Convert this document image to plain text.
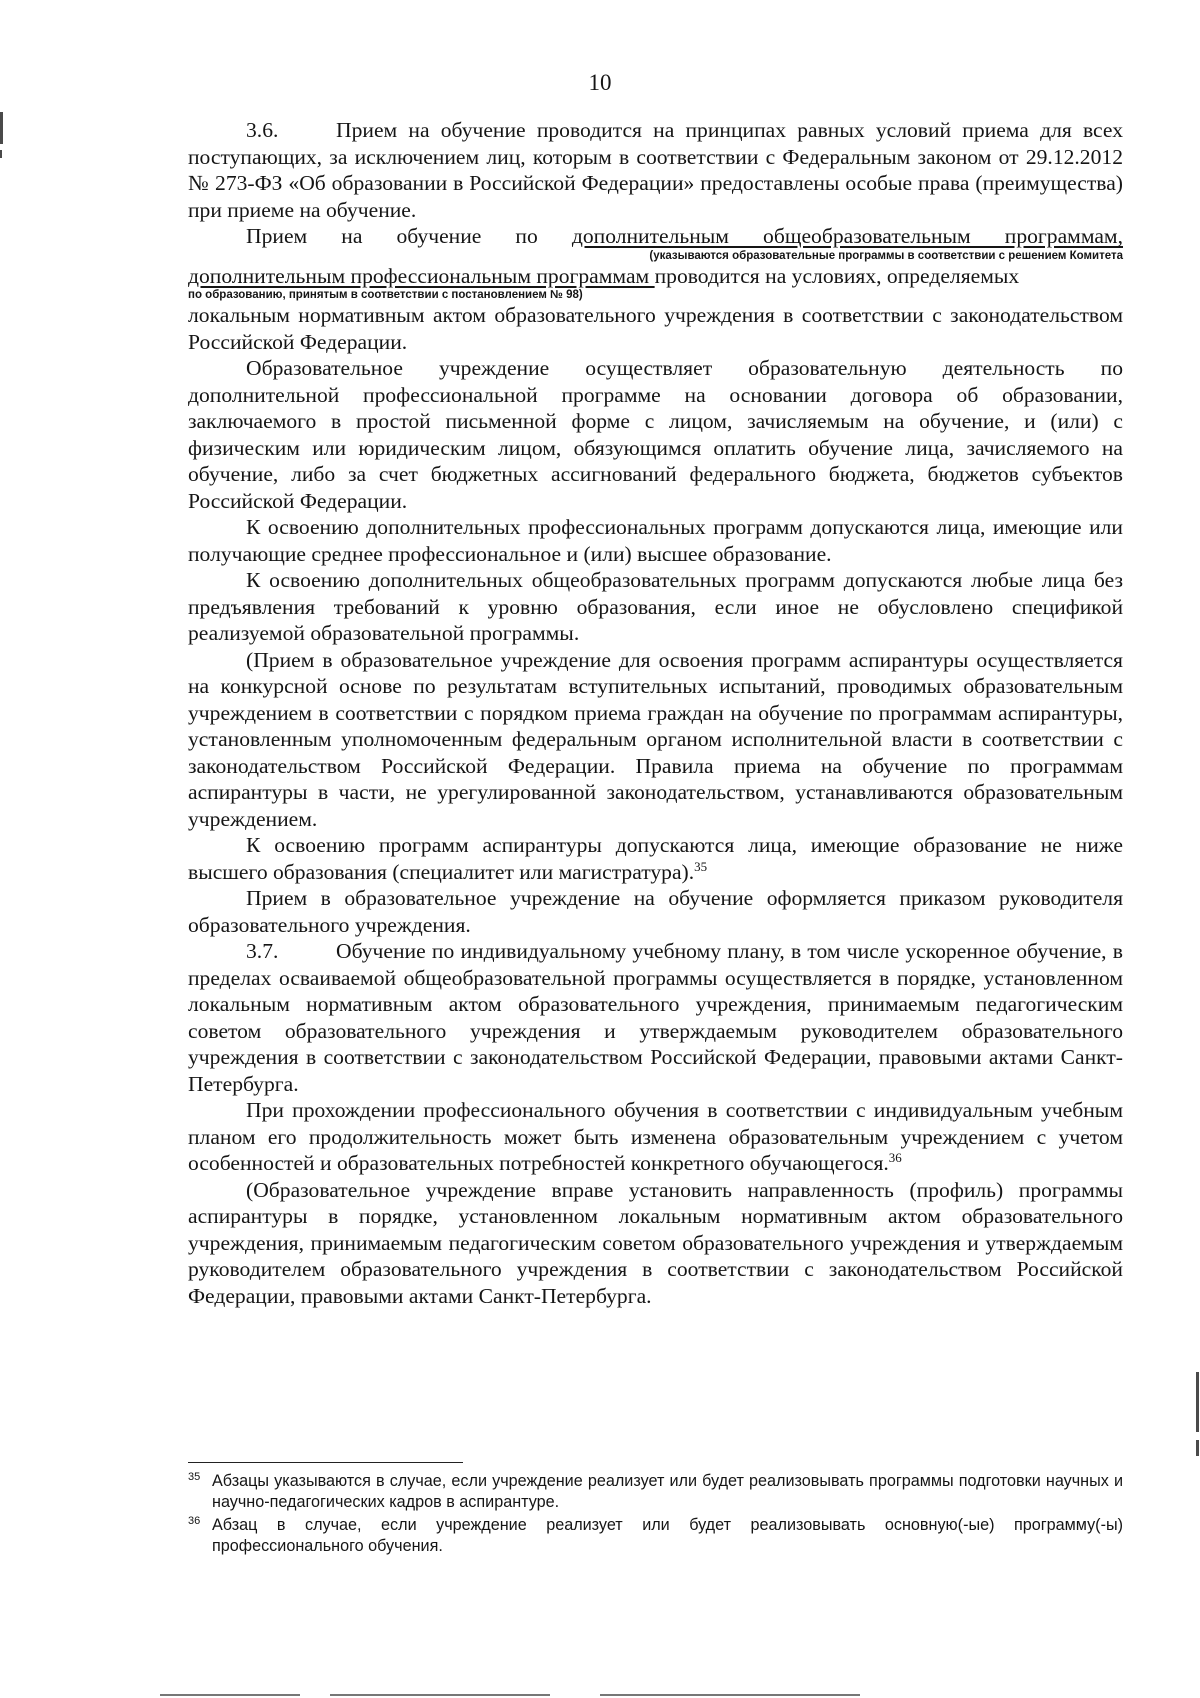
10

3.6.	Прием на обучение проводится на принципах равных условий приема для всех поступающих, за исключением лиц, которым в соответствии с Федеральным законом от 29.12.2012 № 273-ФЗ «Об образовании в Российской Федерации» предоставлены особые права (преимущества) при приеме на обучение.

Прием на обучение по дополнительным общеобразовательным программам,

(указываются образовательные программы в соответствии с решением Комитета

дополнительным профессиональным программам проводится на условиях, определяемых

по образованию, принятым в соответствии с постановлением № 98)

локальным нормативным актом образовательного учреждения в соответствии с законодательством Российской Федерации.

Образовательное учреждение осуществляет образовательную деятельность по дополнительной профессиональной программе на основании договора об образовании, заключаемого в простой письменной форме с лицом, зачисляемым на обучение, и (или) с физическим или юридическим лицом, обязующимся оплатить обучение лица, зачисляемого на обучение, либо за счет бюджетных ассигнований федерального бюджета, бюджетов субъектов Российской Федерации.

К освоению дополнительных профессиональных программ допускаются лица, имеющие или получающие среднее профессиональное и (или) высшее образование.

К освоению дополнительных общеобразовательных программ допускаются любые лица без предъявления требований к уровню образования, если иное не обусловлено спецификой реализуемой образовательной программы.

(Прием в образовательное учреждение для освоения программ аспирантуры осуществляется на конкурсной основе по результатам вступительных испытаний, проводимых образовательным учреждением в соответствии с порядком приема граждан на обучение по программам аспирантуры, установленным уполномоченным федеральным органом исполнительной власти в соответствии с законодательством Российской Федерации. Правила приема на обучение по программам аспирантуры в части, не урегулированной законодательством, устанавливаются образовательным учреждением.

К освоению программ аспирантуры допускаются лица, имеющие образование не ниже высшего образования (специалитет или магистратура).$^{35}$

Прием в образовательное учреждение на обучение оформляется приказом руководителя образовательного учреждения.

3.7.	Обучение по индивидуальному учебному плану, в том числе ускоренное обучение, в пределах осваиваемой общеобразовательной программы осуществляется в порядке, установленном локальным нормативным актом образовательного учреждения, принимаемым педагогическим советом образовательного учреждения и утверждаемым руководителем образовательного учреждения в соответствии с законодательством Российской Федерации, правовыми актами Санкт-Петербурга.

При прохождении профессионального обучения в соответствии с индивидуальным учебным планом его продолжительность может быть изменена образовательным учреждением с учетом особенностей и образовательных потребностей конкретного обучающегося.$^{36}$

(Образовательное учреждение вправе установить направленность (профиль) программы аспирантуры в порядке, установленном локальным нормативным актом образовательного учреждения, принимаемым педагогическим советом образовательного учреждения и утверждаемым руководителем образовательного учреждения в соответствии с законодательством Российской Федерации, правовыми актами Санкт-Петербурга.

35 Абзацы указываются в случае, если учреждение реализует или будет реализовывать программы подготовки научных и научно-педагогических кадров в аспирантуре.
36 Абзац в случае, если учреждение реализует или будет реализовывать основную(-ые) программу(-ы) профессионального обучения.
